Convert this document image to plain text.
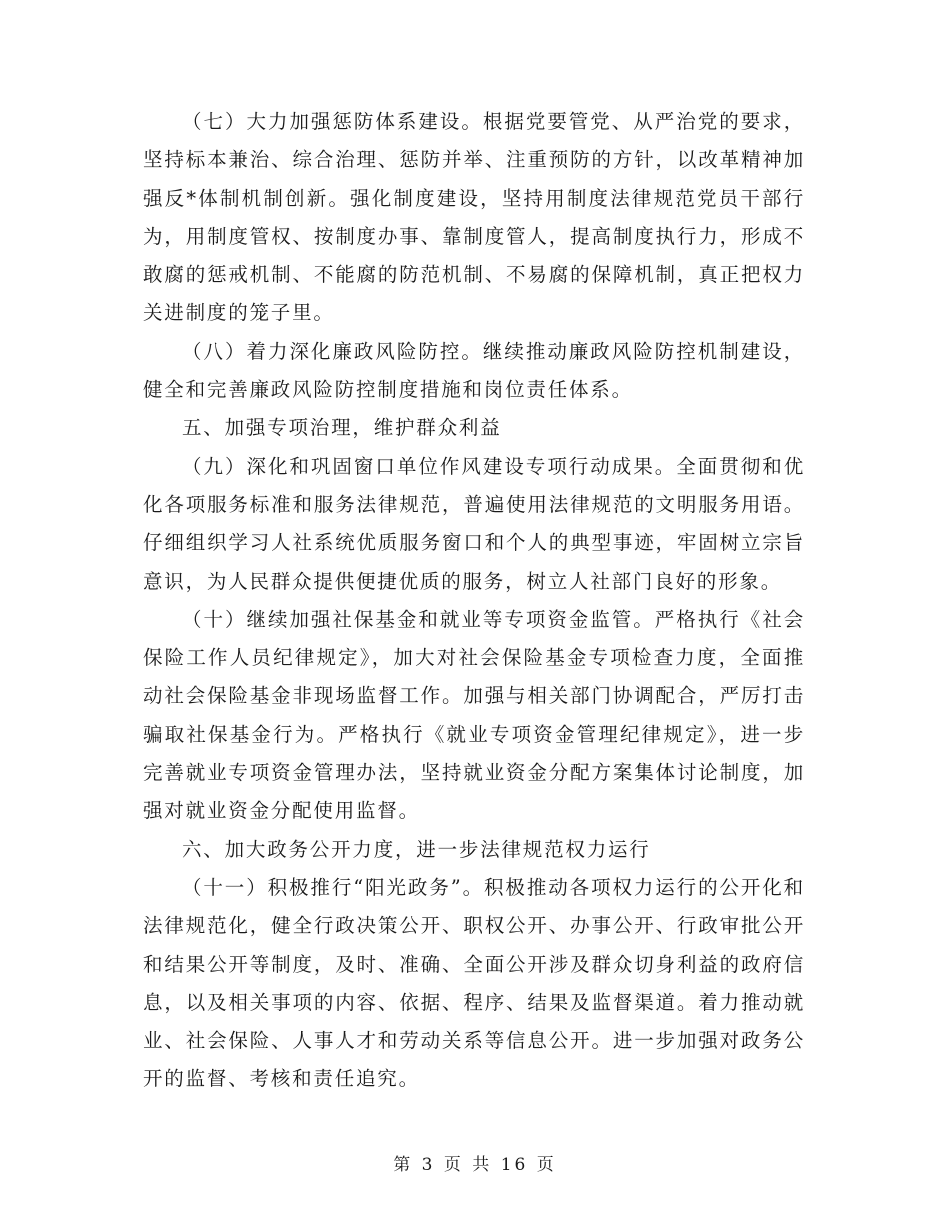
（七）大力加强惩防体系建设。根据党要管党、从严治党的要求，坚持标本兼治、综合治理、惩防并举、注重预防的方针，以改革精神加强反*体制机制创新。强化制度建设，坚持用制度法律规范党员干部行为，用制度管权、按制度办事、靠制度管人，提高制度执行力，形成不敢腐的惩戒机制、不能腐的防范机制、不易腐的保障机制，真正把权力关进制度的笼子里。

（八）着力深化廉政风险防控。继续推动廉政风险防控机制建设，健全和完善廉政风险防控制度措施和岗位责任体系。

五、加强专项治理，维护群众利益

（九）深化和巩固窗口单位作风建设专项行动成果。全面贯彻和优化各项服务标准和服务法律规范，普遍使用法律规范的文明服务用语。仔细组织学习人社系统优质服务窗口和个人的典型事迹，牢固树立宗旨意识，为人民群众提供便捷优质的服务，树立人社部门良好的形象。

（十）继续加强社保基金和就业等专项资金监管。严格执行《社会保险工作人员纪律规定》，加大对社会保险基金专项检查力度，全面推动社会保险基金非现场监督工作。加强与相关部门协调配合，严厉打击骗取社保基金行为。严格执行《就业专项资金管理纪律规定》，进一步完善就业专项资金管理办法，坚持就业资金分配方案集体讨论制度，加强对就业资金分配使用监督。

六、加大政务公开力度，进一步法律规范权力运行

（十一）积极推行“阳光政务”。积极推动各项权力运行的公开化和法律规范化，健全行政决策公开、职权公开、办事公开、行政审批公开和结果公开等制度，及时、准确、全面公开涉及群众切身利益的政府信息，以及相关事项的内容、依据、程序、结果及监督渠道。着力推动就业、社会保险、人事人才和劳动关系等信息公开。进一步加强对政务公开的监督、考核和责任追究。

第 3 页 共 16 页
